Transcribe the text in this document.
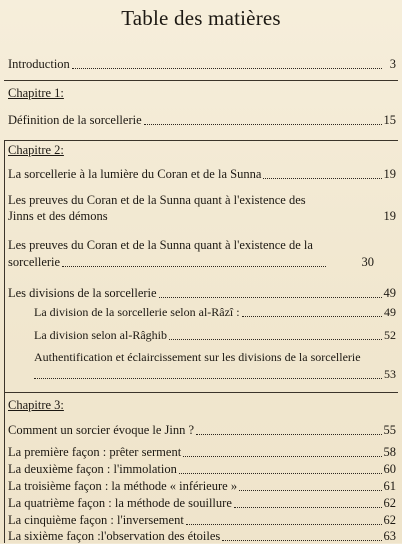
Table des matières
Introduction	3
Chapitre 1:
Définition de la sorcellerie	15
Chapitre 2:
La sorcellerie à la lumière du Coran et de la Sunna	19
Les preuves du Coran et de la Sunna quant à l'existence des
Jinns et des démons	19
Les preuves du Coran et de la Sunna quant à l'existence de la
sorcellerie	30
Les divisions de la sorcellerie	49
La division de la sorcellerie selon al-Râzî :	49
La division selon al-Râghib	52
Authentification et éclaircissement sur les divisions de la sorcellerie
53
Chapitre 3:
Comment un sorcier évoque le Jinn ?	55
La première façon : prêter serment	58
La deuxième façon : l'immolation	60
La troisième façon : la méthode « inférieure »	61
La quatrième façon : la méthode de souillure	62
La cinquième façon : l'inversement	62
La sixième façon :l'observation des étoiles	63
